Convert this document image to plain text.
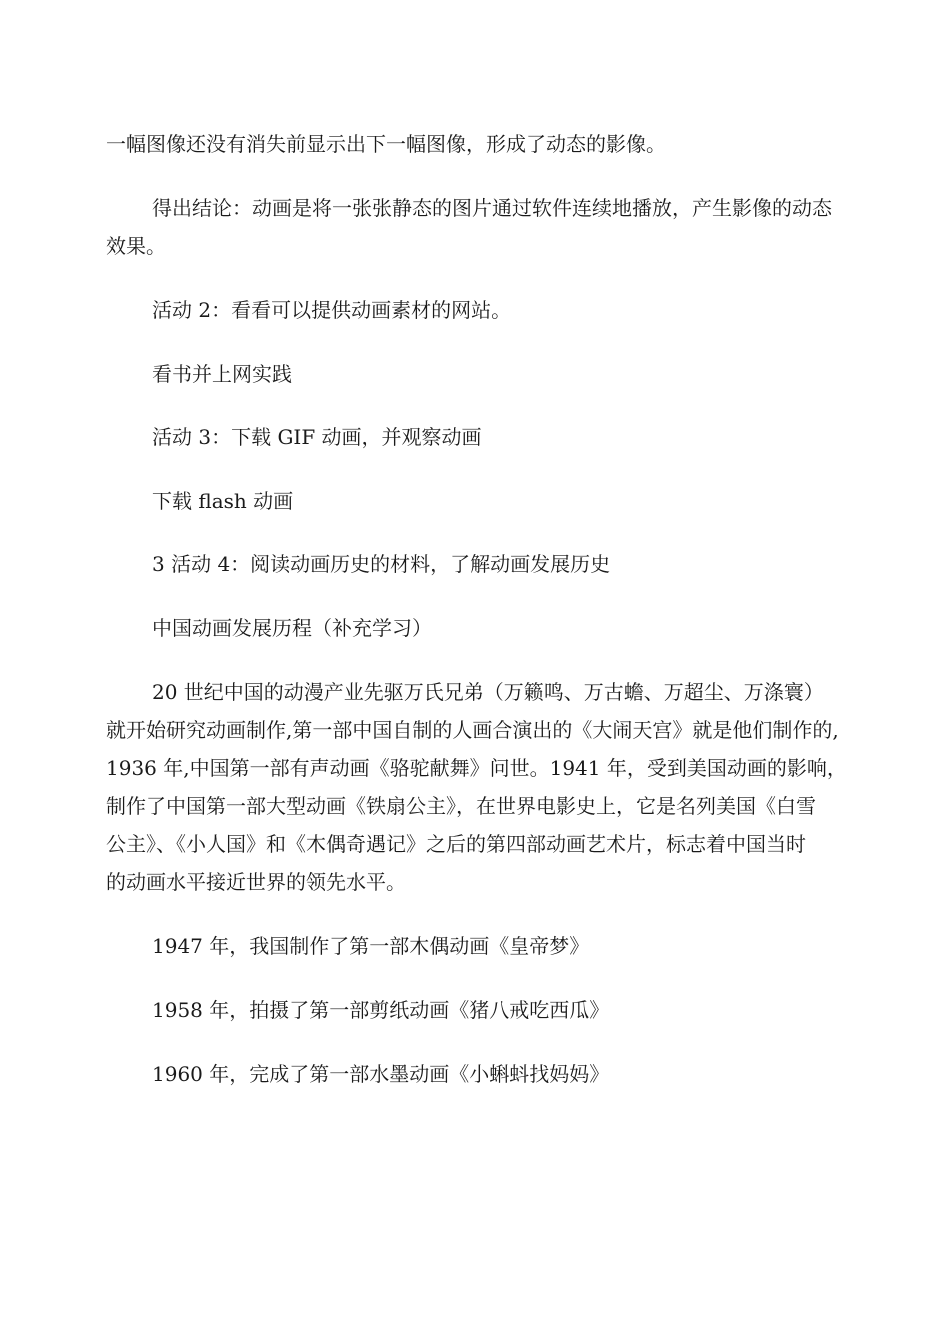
一幅图像还没有消失前显示出下一幅图像，形成了动态的影像。
得出结论：动画是将一张张静态的图片通过软件连续地播放，产生影像的动态
效果。
活动 2：看看可以提供动画素材的网站。
看书并上网实践
活动 3：下载 GIF 动画，并观察动画
下载 flash 动画
3 活动 4：阅读动画历史的材料，了解动画发展历史
中国动画发展历程（补充学习）
20 世纪中国的动漫产业先驱万氏兄弟（万籁鸣、万古蟾、万超尘、万涤寰）
就开始研究动画制作,第一部中国自制的人画合演出的《大闹天宫》就是他们制作的,
1936 年,中国第一部有声动画《骆驼献舞》问世。1941 年，受到美国动画的影响，
制作了中国第一部大型动画《铁扇公主》，在世界电影史上，它是名列美国《白雪
公主》、《小人国》和《木偶奇遇记》之后的第四部动画艺术片，标志着中国当时
的动画水平接近世界的领先水平。
1947 年，我国制作了第一部木偶动画《皇帝梦》
1958 年，拍摄了第一部剪纸动画《猪八戒吃西瓜》
1960 年，完成了第一部水墨动画《小蝌蚪找妈妈》
